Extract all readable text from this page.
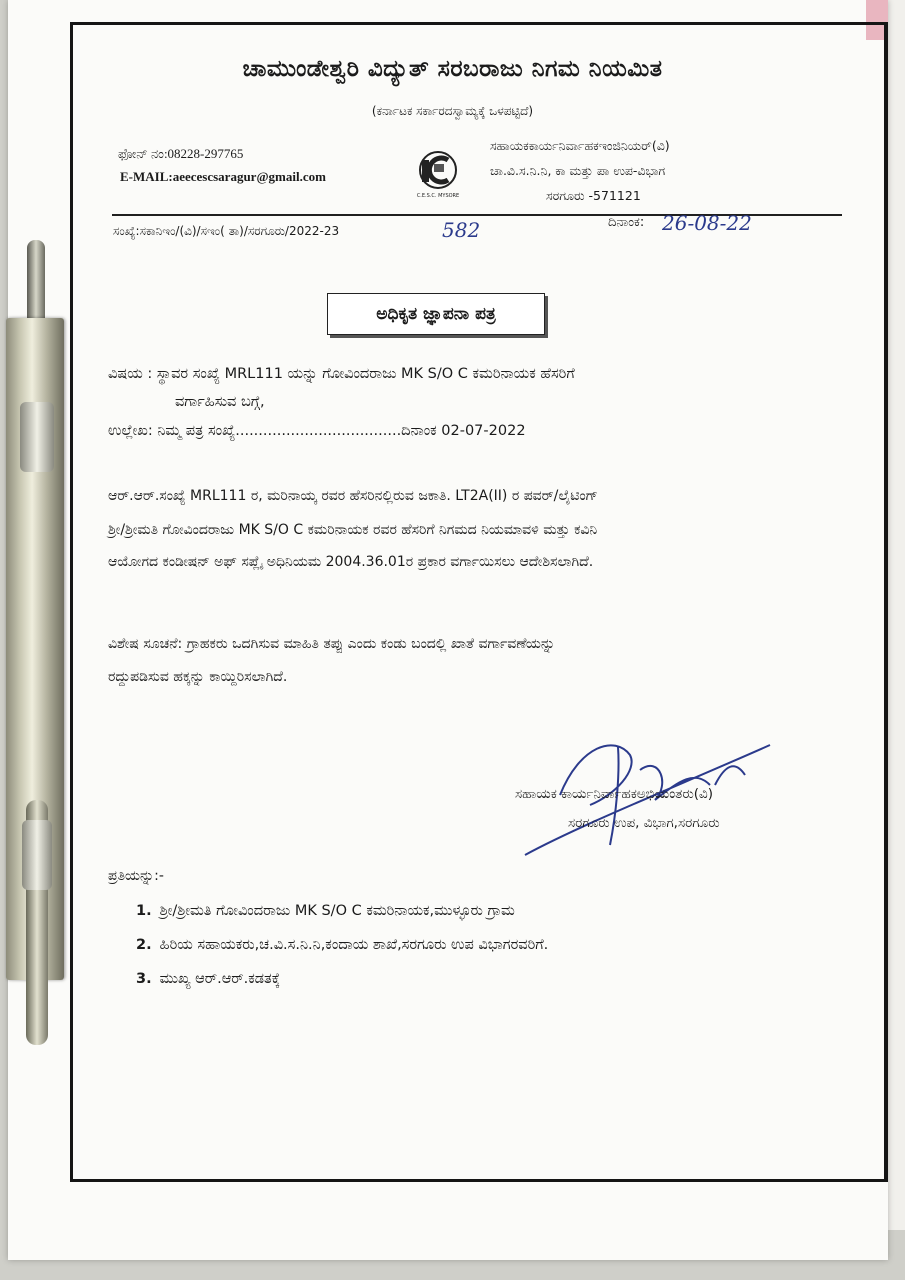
ಚಾಮುಂಡೇಶ್ವರಿ ವಿದ್ಯುತ್ ಸರಬರಾಜು ನಿಗಮ ನಿಯಮಿತ
(ಕರ್ನಾಟಕ ಸರ್ಕಾರದಸ್ವಾಮ್ಯಕ್ಕೆ ಒಳಪಟ್ಟಿದೆ)
ಫೋನ್ ನಂ:08228-297765
E-MAIL:aeecescsaragur@gmail.com
C.E.S.C. MYSORE
ಸಹಾಯಕಕಾರ್ಯನಿರ್ವಾಹಕಇಂಜಿನಿಯರ್(ವಿ)
ಚಾ.ವಿ.ಸ.ನಿ.ನಿ, ಕಾ ಮತ್ತು ಪಾ ಉಪ-ವಿಭಾಗ
ಸರಗೂರು -571121
ಸಂಖ್ಯೆ:ಸಕಾನಿಇಂ/(ವಿ)/ಸಇಂ( ತಾ)/ಸರಗೂರು/2022-23	582	ದಿನಾಂಕ: 26-08-22
ಅಧಿಕೃತ ಜ್ಞಾಪನಾ ಪತ್ರ
ವಿಷಯ : ಸ್ಥಾವರ ಸಂಖ್ಯೆ MRL111 ಯನ್ನು ಗೋವಿಂದರಾಜು MK S/O C ಕಮರಿನಾಯಕ ಹೆಸರಿಗೆ
ವರ್ಗಾಹಿಸುವ ಬಗ್ಗೆ,
ಉಲ್ಲೇಖ: ನಿಮ್ಮ ಪತ್ರ ಸಂಖ್ಯೆ....................................ದಿನಾಂಕ 02-07-2022
ಆರ್.ಆರ್.ಸಂಖ್ಯೆ MRL111 ರ, ಮರಿನಾಯ್ಕ ರವರ ಹೆಸರಿನಲ್ಲಿರುವ ಜಕಾತಿ. LT2A(II) ರ ಪವರ್/ಲೈಟಿಂಗ್
ಶ್ರೀ/ಶ್ರೀಮತಿ ಗೋವಿಂದರಾಜು MK S/O C ಕಮರಿನಾಯಕ ರವರ ಹೆಸರಿಗೆ ನಿಗಮದ ನಿಯಮಾವಳಿ ಮತ್ತು ಕವಿನಿ
ಆಯೋಗದ ಕಂಡೀಷನ್ ಅಫ್ ಸಪ್ಲೈ ಅಧಿನಿಯಮ 2004.36.01ರ ಪ್ರಕಾರ ವರ್ಗಾಯಿಸಲು ಆದೇಶಿಸಲಾಗಿದೆ.
ವಿಶೇಷ ಸೂಚನೆ: ಗ್ರಾಹಕರು ಒದಗಿಸುವ ಮಾಹಿತಿ ತಪ್ಪು ಎಂದು ಕಂಡು ಬಂದಲ್ಲಿ ಖಾತೆ ವರ್ಗಾವಣೆಯನ್ನು
ರದ್ದುಪಡಿಸುವ ಹಕ್ಕನ್ನು ಕಾಯ್ದಿರಿಸಲಾಗಿದೆ.
ಸಹಾಯಕ ಕಾರ್ಯನಿರ್ವಾಹಕಅಭಿಯಂತರು(ವಿ)
ಸರಗೂರು ಉಪ, ವಿಭಾಗ,ಸರಗೂರು
ಪ್ರತಿಯನ್ನು:-
1. ಶ್ರೀ/ಶ್ರೀಮತಿ ಗೋವಿಂದರಾಜು MK S/O C ಕಮರಿನಾಯಕ,ಮುಳ್ಳೂರು ಗ್ರಾಮ
2. ಹಿರಿಯ ಸಹಾಯಕರು,ಚ.ವಿ.ಸ.ನಿ.ನಿ,ಕಂದಾಯ ಶಾಖೆ,ಸರಗೂರು ಉಪ ವಿಭಾಗರವರಿಗೆ.
3. ಮುಖ್ಯ ಆರ್.ಆರ್.ಕಡತಕ್ಕೆ
